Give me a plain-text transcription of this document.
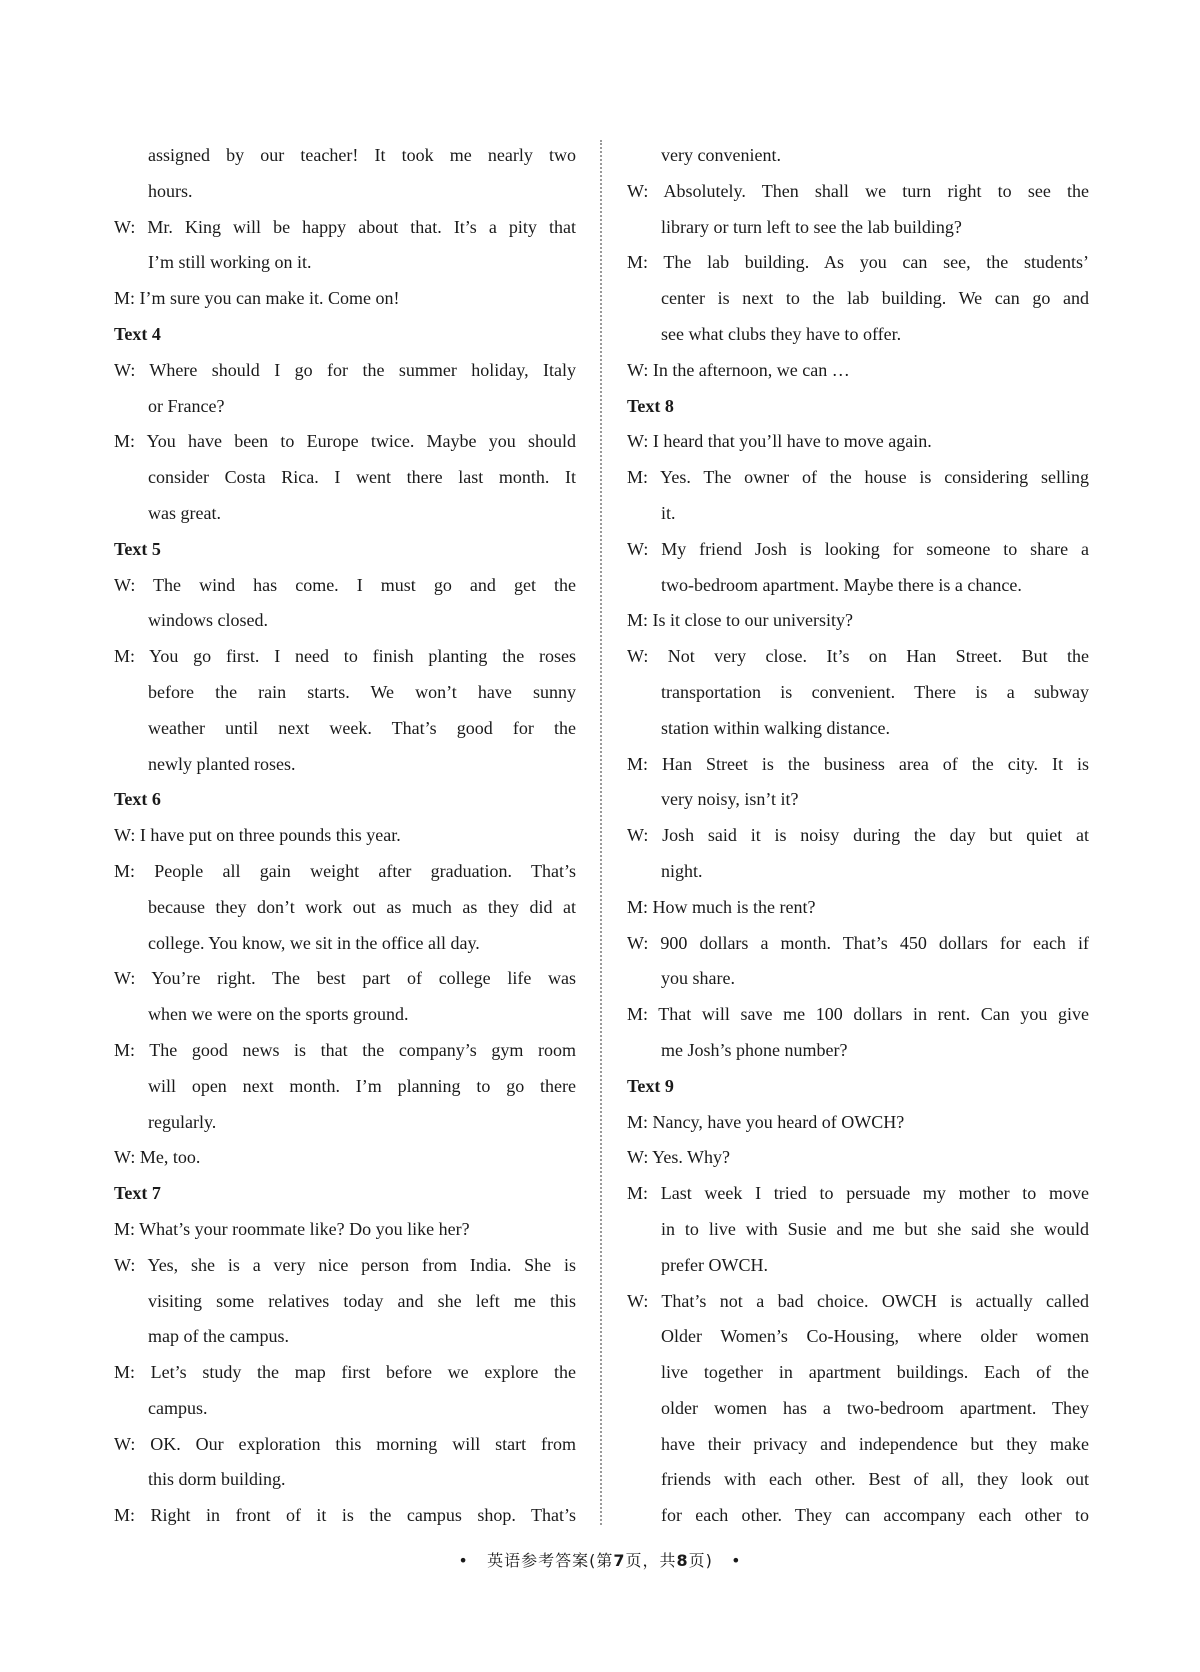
assigned by our teacher! It took me nearly two
hours.
W: Mr. King will be happy about that. It’s a pity that
I’m still working on it.
M: I’m sure you can make it. Come on!
Text 4
W: Where should I go for the summer holiday, Italy
or France?
M: You have been to Europe twice. Maybe you should
consider Costa Rica. I went there last month. It
was great.
Text 5
W: The wind has come. I must go and get the
windows closed.
M: You go first. I need to finish planting the roses
before the rain starts. We won’t have sunny
weather until next week. That’s good for the
newly planted roses.
Text 6
W: I have put on three pounds this year.
M: People all gain weight after graduation. That’s
because they don’t work out as much as they did at
college. You know, we sit in the office all day.
W: You’re right. The best part of college life was
when we were on the sports ground.
M: The good news is that the company’s gym room
will open next month. I’m planning to go there
regularly.
W: Me, too.
Text 7
M: What’s your roommate like? Do you like her?
W: Yes, she is a very nice person from India. She is
visiting some relatives today and she left me this
map of the campus.
M: Let’s study the map first before we explore the
campus.
W: OK. Our exploration this morning will start from
this dorm building.
M: Right in front of it is the campus shop. That’s
very convenient.
W: Absolutely. Then shall we turn right to see the
library or turn left to see the lab building?
M: The lab building. As you can see, the students’
center is next to the lab building. We can go and
see what clubs they have to offer.
W: In the afternoon, we can …
Text 8
W: I heard that you’ll have to move again.
M: Yes. The owner of the house is considering selling
it.
W: My friend Josh is looking for someone to share a
two-bedroom apartment. Maybe there is a chance.
M: Is it close to our university?
W: Not very close. It’s on Han Street. But the
transportation is convenient. There is a subway
station within walking distance.
M: Han Street is the business area of the city. It is
very noisy, isn’t it?
W: Josh said it is noisy during the day but quiet at
night.
M: How much is the rent?
W: 900 dollars a month. That’s 450 dollars for each if
you share.
M: That will save me 100 dollars in rent. Can you give
me Josh’s phone number?
Text 9
M: Nancy, have you heard of OWCH?
W: Yes. Why?
M: Last week I tried to persuade my mother to move
in to live with Susie and me but she said she would
prefer OWCH.
W: That’s not a bad choice. OWCH is actually called
Older Women’s Co-Housing, where older women
live together in apartment buildings. Each of the
older women has a two-bedroom apartment. They
have their privacy and independence but they make
friends with each other. Best of all, they look out
for each other. They can accompany each other to
• 英语参考答案(第7页，共8页) •
